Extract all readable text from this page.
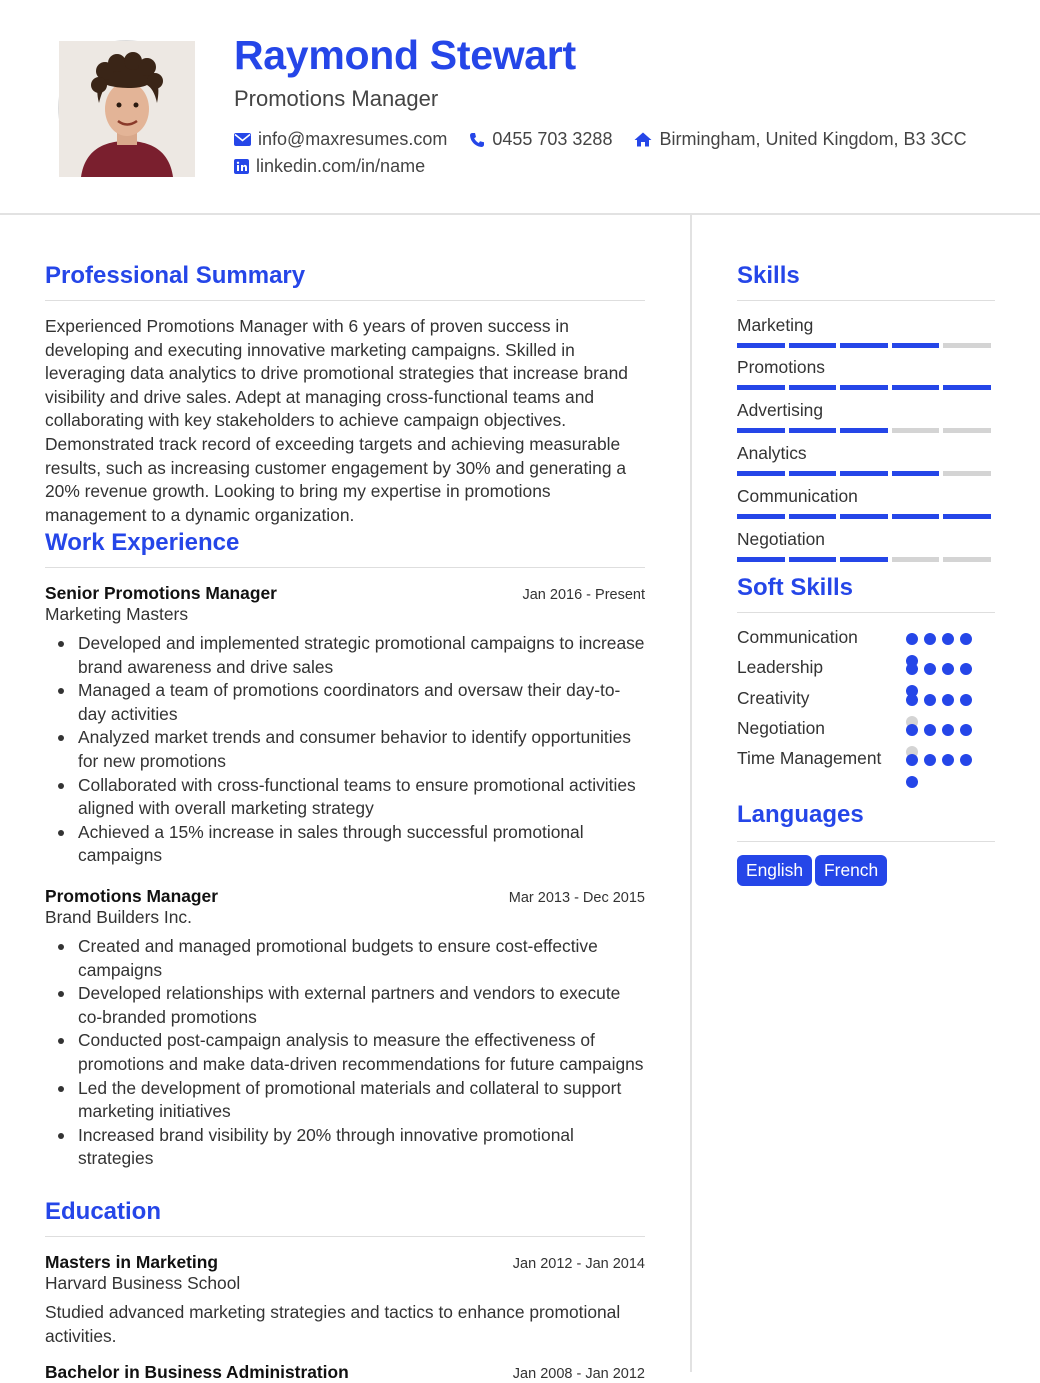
Raymond Stewart
Promotions Manager
info@maxresumes.com	0455 703 3288	Birmingham, United Kingdom, B3 3CC
linkedin.com/in/name
Professional Summary
Experienced Promotions Manager with 6 years of proven success in developing and executing innovative marketing campaigns. Skilled in leveraging data analytics to drive promotional strategies that increase brand visibility and drive sales. Adept at managing cross-functional teams and collaborating with key stakeholders to achieve campaign objectives. Demonstrated track record of exceeding targets and achieving measurable results, such as increasing customer engagement by 30% and generating a 20% revenue growth. Looking to bring my expertise in promotions management to a dynamic organization.
Work Experience
Senior Promotions Manager	Jan 2016 - Present
Marketing Masters
Developed and implemented strategic promotional campaigns to increase brand awareness and drive sales
Managed a team of promotions coordinators and oversaw their day-to-day activities
Analyzed market trends and consumer behavior to identify opportunities for new promotions
Collaborated with cross-functional teams to ensure promotional activities aligned with overall marketing strategy
Achieved a 15% increase in sales through successful promotional campaigns
Promotions Manager	Mar 2013 - Dec 2015
Brand Builders Inc.
Created and managed promotional budgets to ensure cost-effective campaigns
Developed relationships with external partners and vendors to execute co-branded promotions
Conducted post-campaign analysis to measure the effectiveness of promotions and make data-driven recommendations for future campaigns
Led the development of promotional materials and collateral to support marketing initiatives
Increased brand visibility by 20% through innovative promotional strategies
Education
Masters in Marketing	Jan 2012 - Jan 2014
Harvard Business School
Studied advanced marketing strategies and tactics to enhance promotional activities.
Bachelor in Business Administration	Jan 2008 - Jan 2012
Skills
Marketing
Promotions
Advertising
Analytics
Communication
Negotiation
Soft Skills
Communication
Leadership
Creativity
Negotiation
Time Management
Languages
English French
